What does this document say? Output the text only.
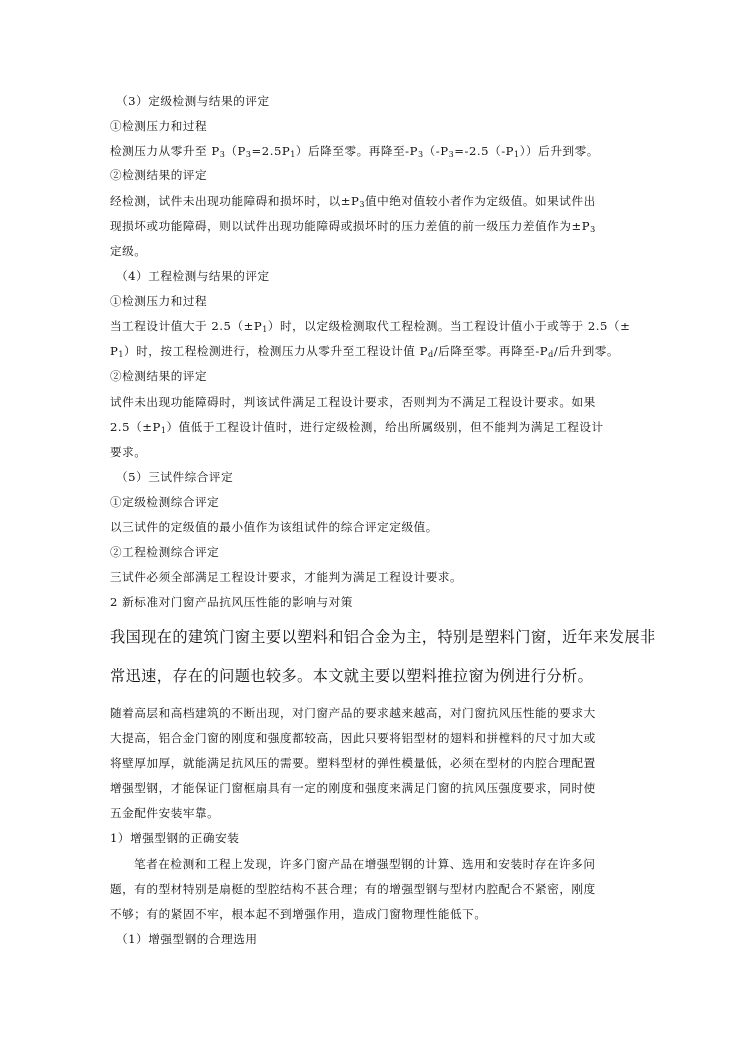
（3）定级检测与结果的评定
①检测压力和过程
检测压力从零升至 $P_3(P_3=2.5P_1)$后降至零。再降至$-P_3(-P_3=-2.5(-P_1))$后升到零。
②检测结果的评定
经检测，试件未出现功能障碍和损坏时，以$\pm P_3$值中绝对值较小者作为定级值。如果试件出
现损坏或功能障碍，则以试件出现功能障碍或损坏时的压力差值的前一级压力差值作为$\pm P_3$
定级。
（4）工程检测与结果的评定
①检测压力和过程
当工程设计值大于 $2.5(\pm P_1)$时，以定级检测取代工程检测。当工程设计值小于或等于 2.5（±
$P_1$）时，按工程检测进行，检测压力从零升至工程设计值 $P_d/$后降至零。再降至$-P_d/$后升到零。
②检测结果的评定
试件未出现功能障碍时，判该试件满足工程设计要求，否则判为不满足工程设计要求。如果
$2.5(\pm P_1)$值低于工程设计值时，进行定级检测，给出所属级别，但不能判为满足工程设计
要求。
（5）三试件综合评定
①定级检测综合评定
以三试件的定级值的最小值作为该组试件的综合评定定级值。
②工程检测综合评定
三试件必须全部满足工程设计要求，才能判为满足工程设计要求。
2 新标准对门窗产品抗风压性能的影响与对策
我国现在的建筑门窗主要以塑料和铝合金为主，特别是塑料门窗，近年来发展非
常迅速，存在的问题也较多。本文就主要以塑料推拉窗为例进行分析。
随着高层和高档建筑的不断出现，对门窗产品的要求越来越高，对门窗抗风压性能的要求大
大提高，铝合金门窗的刚度和强度都较高，因此只要将铝型材的翅料和拼樘料的尺寸加大或
将壁厚加厚，就能满足抗风压的需要。塑料型材的弹性模量低，必须在型材的内腔合理配置
增强型钢，才能保证门窗框扇具有一定的刚度和强度来满足门窗的抗风压强度要求，同时使
五金配件安装牢靠。
1）增强型钢的正确安装
笔者在检测和工程上发现，许多门窗产品在增强型钢的计算、选用和安装时存在许多问
题，有的型材特别是扇梃的型腔结构不甚合理；有的增强型钢与型材内腔配合不紧密，刚度
不够；有的紧固不牢，根本起不到增强作用，造成门窗物理性能低下。
（1）增强型钢的合理选用
